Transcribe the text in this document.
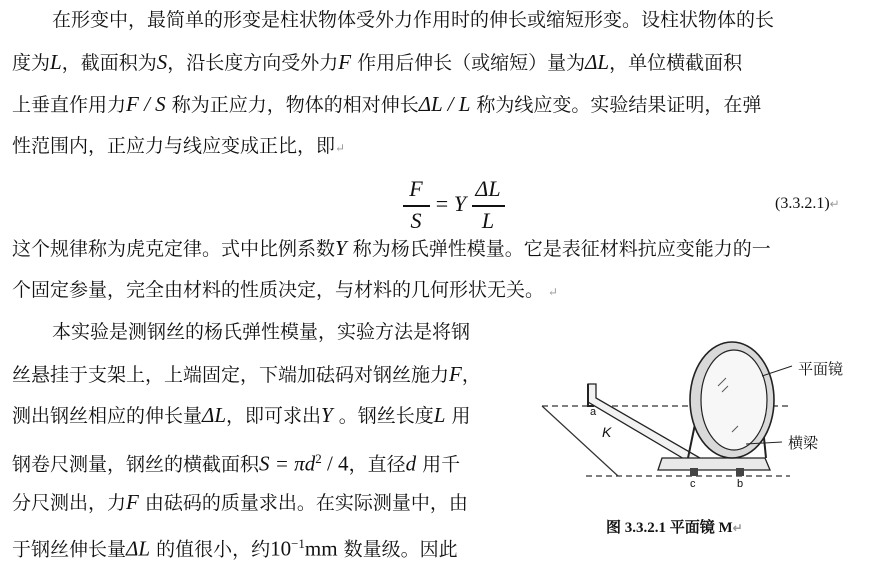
在形变中，最简单的形变是柱状物体受外力作用时的伸长或缩短形变。设柱状物体的长
度为L，截面积为S，沿长度方向受外力F 作用后伸长（或缩短）量为ΔL，单位横截面积
上垂直作用力F / S 称为正应力，物体的相对伸长ΔL / L 称为线应变。实验结果证明，在弹
性范围内，正应力与线应变成正比，即↵
F
S
= Y
ΔL
L
(3.3.2.1)↵
这个规律称为虎克定律。式中比例系数Y 称为杨氏弹性模量。它是表征材料抗应变能力的一
个固定参量，完全由材料的性质决定，与材料的几何形状无关。 ↵
本实验是测钢丝的杨氏弹性模量，实验方法是将钢
丝悬挂于支架上，上端固定，下端加砝码对钢丝施力F，
测出钢丝相应的伸长量ΔL，即可求出Y 。钢丝长度L 用
钢卷尺测量，钢丝的横截面积$S = \pi d^2 / 4$，直径d 用千
分尺测出，力F 由砝码的质量求出。在实际测量中，由
于钢丝伸长量ΔL 的值很小，约$10^{-1}mm$ 数量级。因此
平面镜
横梁
K
a
c	b
图 3.3.2.1 平面镜 M↵
